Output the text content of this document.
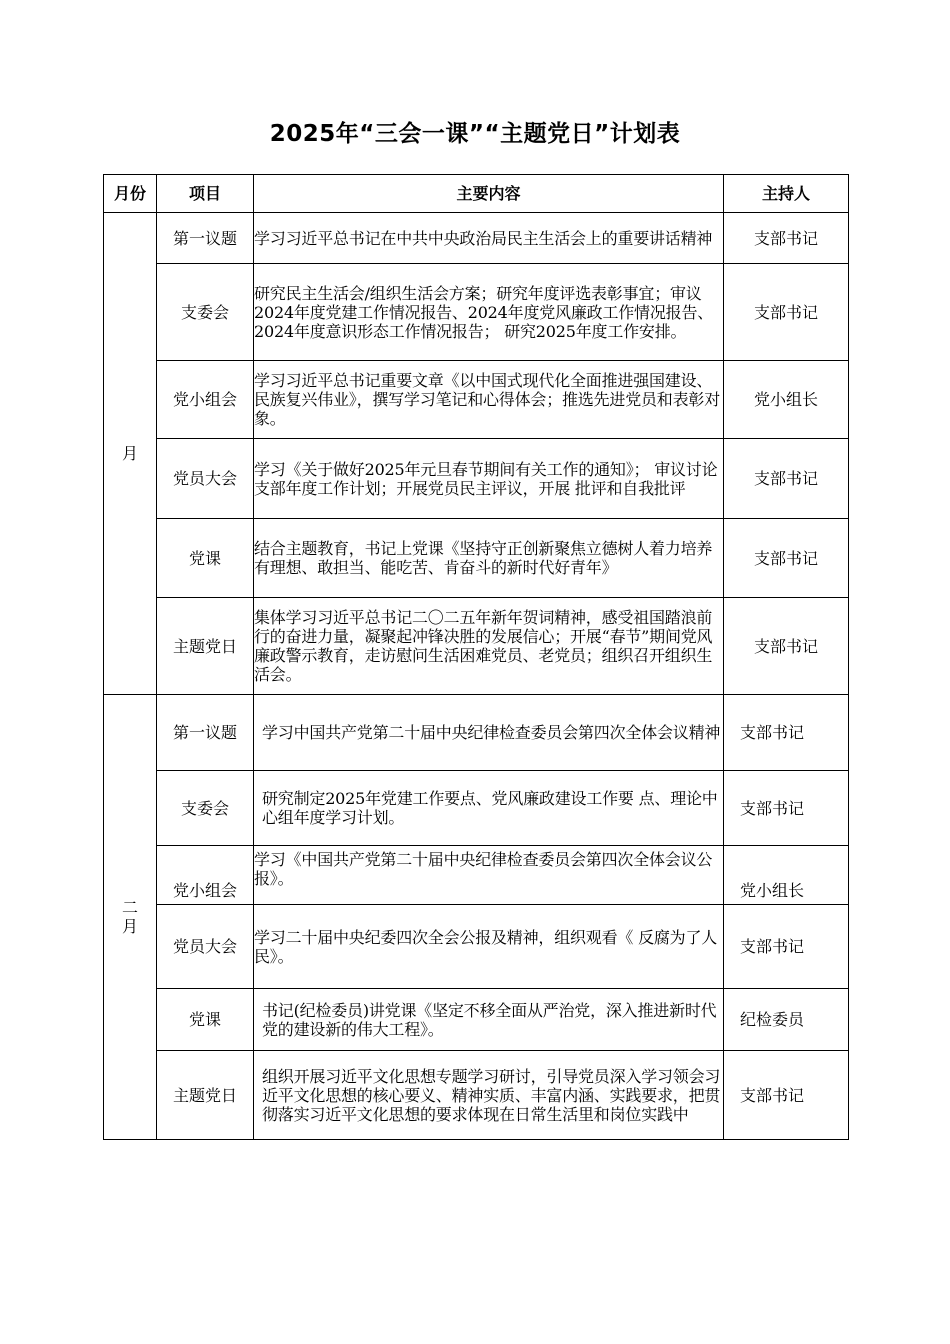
2025年“三会一课”“主题党日”计划表
月份	项目	主要内容	主持人

月	第一议题	学习习近平总书记在中共中央政治局民主生活会上的重要讲话精神	支部书记
	支委会	研究民主生活会/组织生活会方案；研究年度评选表彰事宜；审议2024年度党建工作情况报告、2024年度党风廉政工作情况报告、2024年度意识形态工作情况报告； 研究2025年度工作安排。	支部书记
	党小组会	学习习近平总书记重要文章《以中国式现代化全面推进强国建设、民族复兴伟业》，撰写学习笔记和心得体会；推选先进党员和表彰对象。	党小组长
	党员大会	学习《关于做好2025年元旦春节期间有关工作的通知》； 审议讨论支部年度工作计划；开展党员民主评议，开展 批评和自我批评	支部书记
	党课	结合主题教育，书记上党课《坚持守正创新聚焦立德树人着力培养有理想、敢担当、能吃苦、肯奋斗的新时代好青年》	支部书记
	主题党日	集体学习习近平总书记二〇二五年新年贺词精神，感受祖国踏浪前行的奋进力量，凝聚起冲锋决胜的发展信心；开展“春节”期间党风廉政警示教育，走访慰问生活困难党员、老党员；组织召开组织生活会。	支部书记

二
月	第一议题	学习中国共产党第二十届中央纪律检查委员会第四次全体会议精神	支部书记
	支委会	研究制定2025年党建工作要点、党风廉政建设工作要 点、理论中心组年度学习计划。	支部书记
	党小组会	学习《中国共产党第二十届中央纪律检查委员会第四次全体会议公报》。	党小组长
	党员大会	学习二十届中央纪委四次全会公报及精神，组织观看《 反腐为了人民》。	支部书记
	党课	书记(纪检委员)讲党课《坚定不移全面从严治党，深入推进新时代党的建设新的伟大工程》。	纪检委员
	主题党日	组织开展习近平文化思想专题学习研讨，引导党员深入学习领会习近平文化思想的核心要义、精神实质、丰富内涵、实践要求，把贯彻落实习近平文化思想的要求体现在日常生活里和岗位实践中	支部书记
